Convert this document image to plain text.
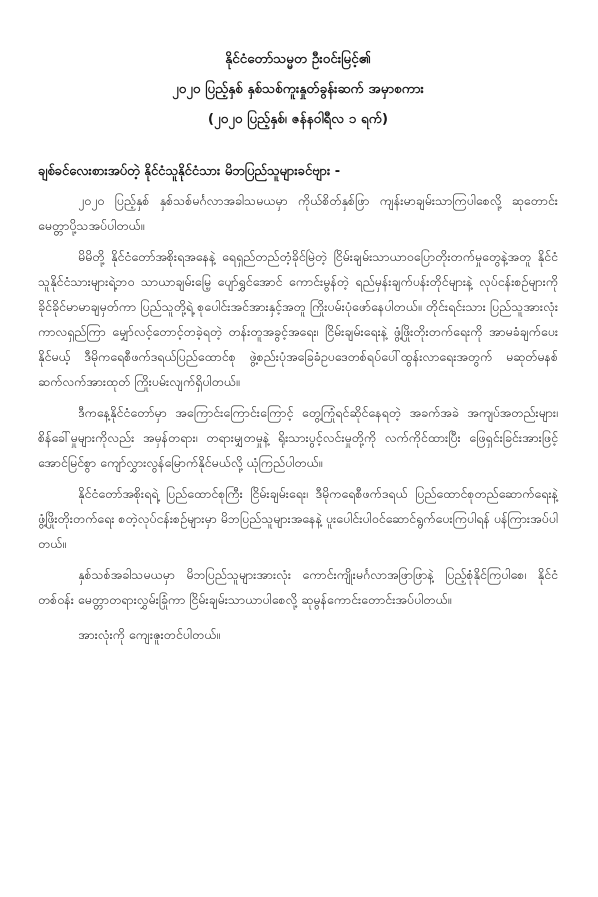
နိုင်ငံတော်သမ္မတ ဦးဝင်းမြင့်၏
၂၀၂၀ ပြည့်နှစ် နှစ်သစ်ကူးနှုတ်ခွန်းဆက် အမှာစကား
(၂၀၂၀ ပြည့်နှစ်၊ ဇန်နဝါရီလ ၁ ရက်)
ချစ်ခင်လေးစားအပ်တဲ့ နိုင်ငံသူနိုင်ငံသား မိဘပြည်သူများခင်ဗျား -

၂၀၂၀ ပြည့်နှစ် နှစ်သစ်မင်္ဂလာအခါသမယမှာ ကိုယ်စိတ်နှစ်ဖြာ ကျန်းမာချမ်းသာကြပါစေလို့ ဆုတောင်းမေတ္တာပို့သအပ်ပါတယ်။

မိမိတို့ နိုင်ငံတော်အစိုးရအနေနဲ့ ရေရှည်တည်တံ့ခိုင်မြဲတဲ့ ငြိမ်းချမ်းသာယာဝပြောတိုးတက်မှုတွေနဲ့အတူ နိုင်ငံသူနိုင်ငံသားများရဲ့ဘဝ သာယာချမ်းမြေ့ ပျော်ရွှင်အောင် ကောင်းမွန်တဲ့ ရည်မှန်းချက်ပန်းတိုင်များနဲ့ လုပ်ငန်းစဉ်များကို ခိုင်ခိုင်မာမာချမှတ်ကာ ပြည်သူတို့ရဲ့ စုပေါင်းအင်အားနှင့်အတူ ကြိုးပမ်းပုံဖော်နေပါတယ်။ တိုင်းရင်းသား ပြည်သူအားလုံး ကာလရှည်ကြာ မျှော်လင့်တောင့်တခဲ့ရတဲ့ တန်းတူအခွင့်အရေး၊ ငြိမ်းချမ်းရေးနဲ့ ဖွံ့ဖြိုးတိုးတက်ရေးကို အာမခံချက်ပေးနိုင်မယ့် ဒီမိုကရေစီဖက်ဒရယ်ပြည်ထောင်စု ဖွဲ့စည်းပုံအခြေခံဥပဒေတစ်ရပ်ပေါ်ထွန်းလာရေးအတွက် မဆုတ်မနစ် ဆက်လက်အားထုတ် ကြိုးပမ်းလျက်ရှိပါတယ်။

ဒီကနေ့နိုင်ငံတော်မှာ အကြောင်းကြောင်းကြောင့် တွေ့ကြုံရင်ဆိုင်နေရတဲ့ အခက်အခဲ အကျပ်အတည်းများ၊ စိန်ခေါ်မှုများကိုလည်း အမှန်တရား၊ တရားမျှတမှုနဲ့ ရိုးသားပွင့်လင်းမှုတို့ကို လက်ကိုင်ထားပြီး ဖြေရှင်းခြင်းအားဖြင့် အောင်မြင်စွာ ကျော်လွှားလွန်မြောက်နိုင်မယ်လို့ ယုံကြည်ပါတယ်။

နိုင်ငံတော်အစိုးရရဲ့ ပြည်ထောင်စုကြီး ငြိမ်းချမ်းရေး၊ ဒီမိုကရေစီဖက်ဒရယ် ပြည်ထောင်စုတည်ဆောက်ရေးနဲ့ ဖွံ့ဖြိုးတိုးတက်ရေး စတဲ့လုပ်ငန်းစဉ်များမှာ မိဘပြည်သူများအနေနဲ့ ပူးပေါင်းပါဝင်ဆောင်ရွက်ပေးကြပါရန် ပန်ကြားအပ်ပါတယ်။

နှစ်သစ်အခါသမယမှာ မိဘပြည်သူများအားလုံး ကောင်းကျိုးမင်္ဂလာအဖြာဖြာနဲ့ ပြည့်စုံနိုင်ကြပါစေ၊ နိုင်ငံတစ်ဝန်း မေတ္တာတရားလွှမ်းခြုံကာ ငြိမ်းချမ်းသာယာပါစေလို့ ဆုမွန်ကောင်းတောင်းအပ်ပါတယ်။

အားလုံးကို ကျေးဇူးတင်ပါတယ်။
